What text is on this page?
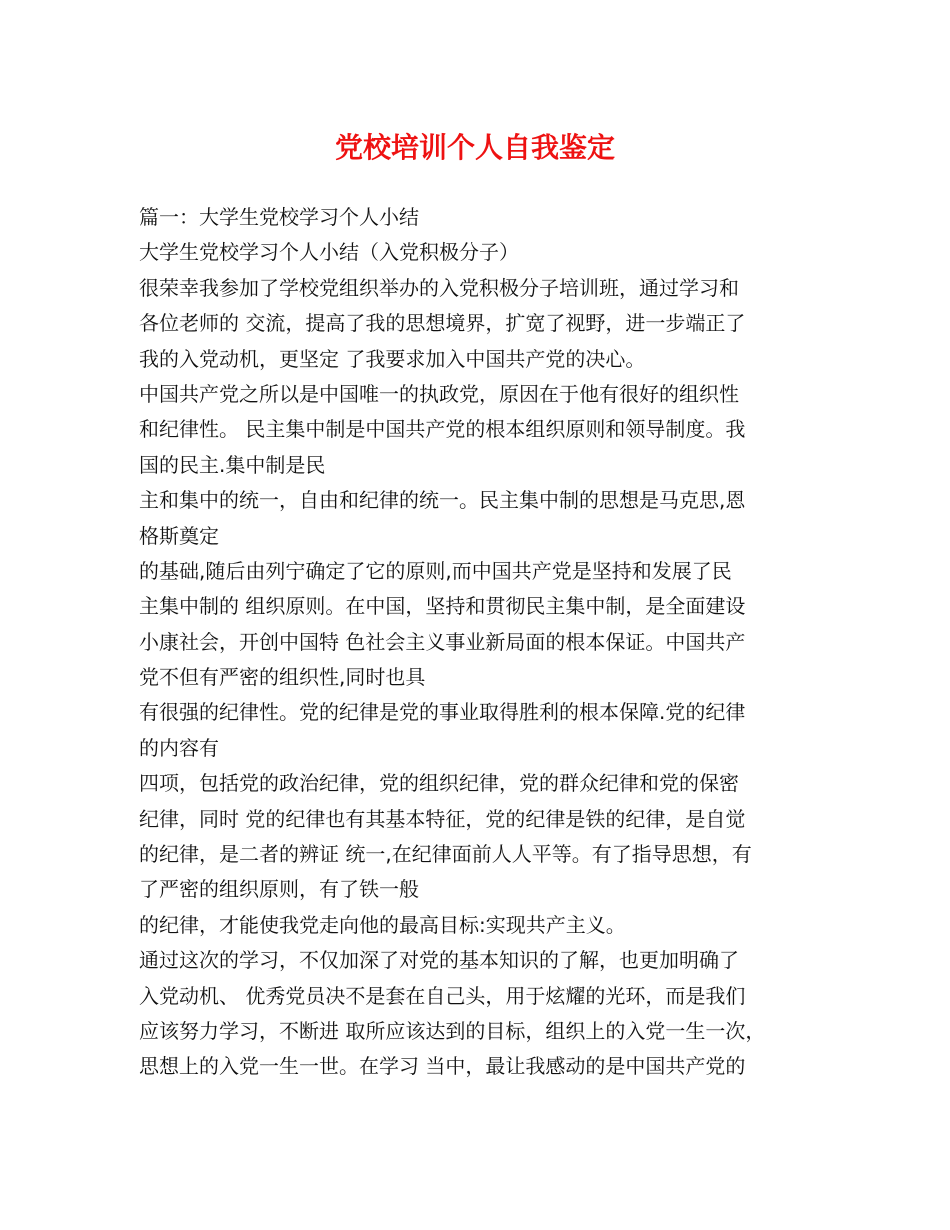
党校培训个人自我鉴定
篇一：大学生党校学习个人小结
大学生党校学习个人小结（入党积极分子）
很荣幸我参加了学校党组织举办的入党积极分子培训班，通过学习和
各位老师的 交流，提高了我的思想境界，扩宽了视野，进一步端正了
我的入党动机，更坚定 了我要求加入中国共产党的决心。
中国共产党之所以是中国唯一的执政党，原因在于他有很好的组织性
和纪律性。 民主集中制是中国共产党的根本组织原则和领导制度。我
国的民主.集中制是民
主和集中的统一，自由和纪律的统一。民主集中制的思想是马克思,恩
格斯奠定
的基础,随后由列宁确定了它的原则,而中国共产党是坚持和发展了民
主集中制的 组织原则。在中国，坚持和贯彻民主集中制，是全面建设
小康社会，开创中国特 色社会主义事业新局面的根本保证。中国共产
党不但有严密的组织性,同时也具
有很强的纪律性。党的纪律是党的事业取得胜利的根本保障.党的纪律
的内容有
四项，包括党的政治纪律，党的组织纪律，党的群众纪律和党的保密
纪律，同时 党的纪律也有其基本特征，党的纪律是铁的纪律，是自觉
的纪律，是二者的辨证 统一,在纪律面前人人平等。有了指导思想，有
了严密的组织原则，有了铁一般
的纪律，才能使我党走向他的最高目标:实现共产主义。
通过这次的学习，不仅加深了对党的基本知识的了解，也更加明确了
入党动机、 优秀党员决不是套在自己头，用于炫耀的光环，而是我们
应该努力学习，不断进 取所应该达到的目标，组织上的入党一生一次，
思想上的入党一生一世。在学习 当中，最让我感动的是中国共产党的
